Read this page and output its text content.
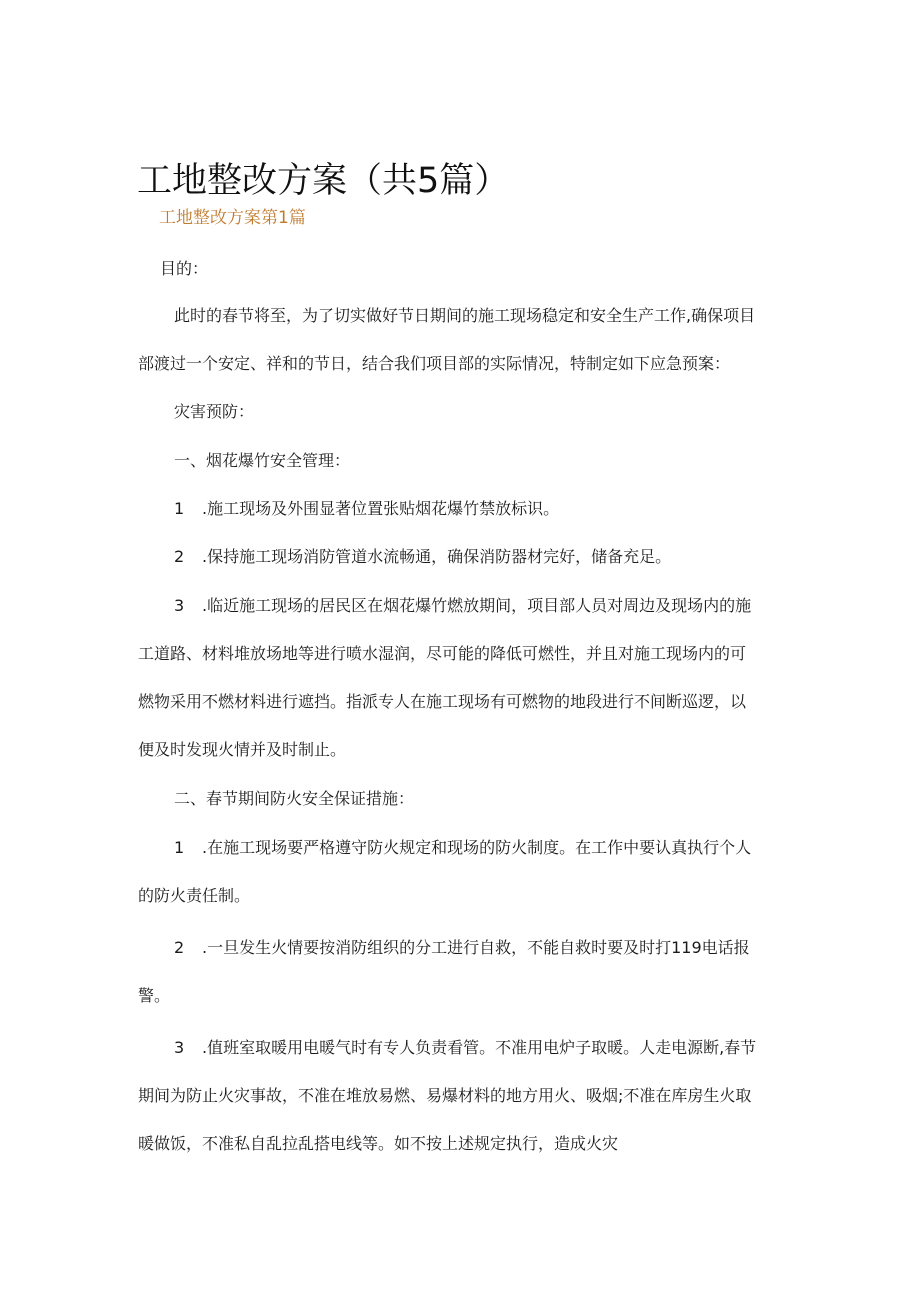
工地整改方案（共5篇）
工地整改方案第1篇
目的：
此时的春节将至，为了切实做好节日期间的施工现场稳定和安全生产工作,确保项目
部渡过一个安定、祥和的节日，结合我们项目部的实际情况，特制定如下应急预案：
灾害预防：
一、烟花爆竹安全管理：
1 .施工现场及外围显著位置张贴烟花爆竹禁放标识。
2 .保持施工现场消防管道水流畅通，确保消防器材完好，储备充足。
3 .临近施工现场的居民区在烟花爆竹燃放期间，项目部人员对周边及现场内的施
工道路、材料堆放场地等进行喷水湿润，尽可能的降低可燃性，并且对施工现场内的可
燃物采用不燃材料进行遮挡。指派专人在施工现场有可燃物的地段进行不间断巡逻，以
便及时发现火情并及时制止。
二、春节期间防火安全保证措施：
1 .在施工现场要严格遵守防火规定和现场的防火制度。在工作中要认真执行个人
的防火责任制。
2 .一旦发生火情要按消防组织的分工进行自救，不能自救时要及时打119电话报
警。
3 .值班室取暖用电暖气时有专人负责看管。不准用电炉子取暖。人走电源断,春节
期间为防止火灾事故，不准在堆放易燃、易爆材料的地方用火、吸烟;不准在库房生火取
暖做饭，不准私自乱拉乱搭电线等。如不按上述规定执行，造成火灾
